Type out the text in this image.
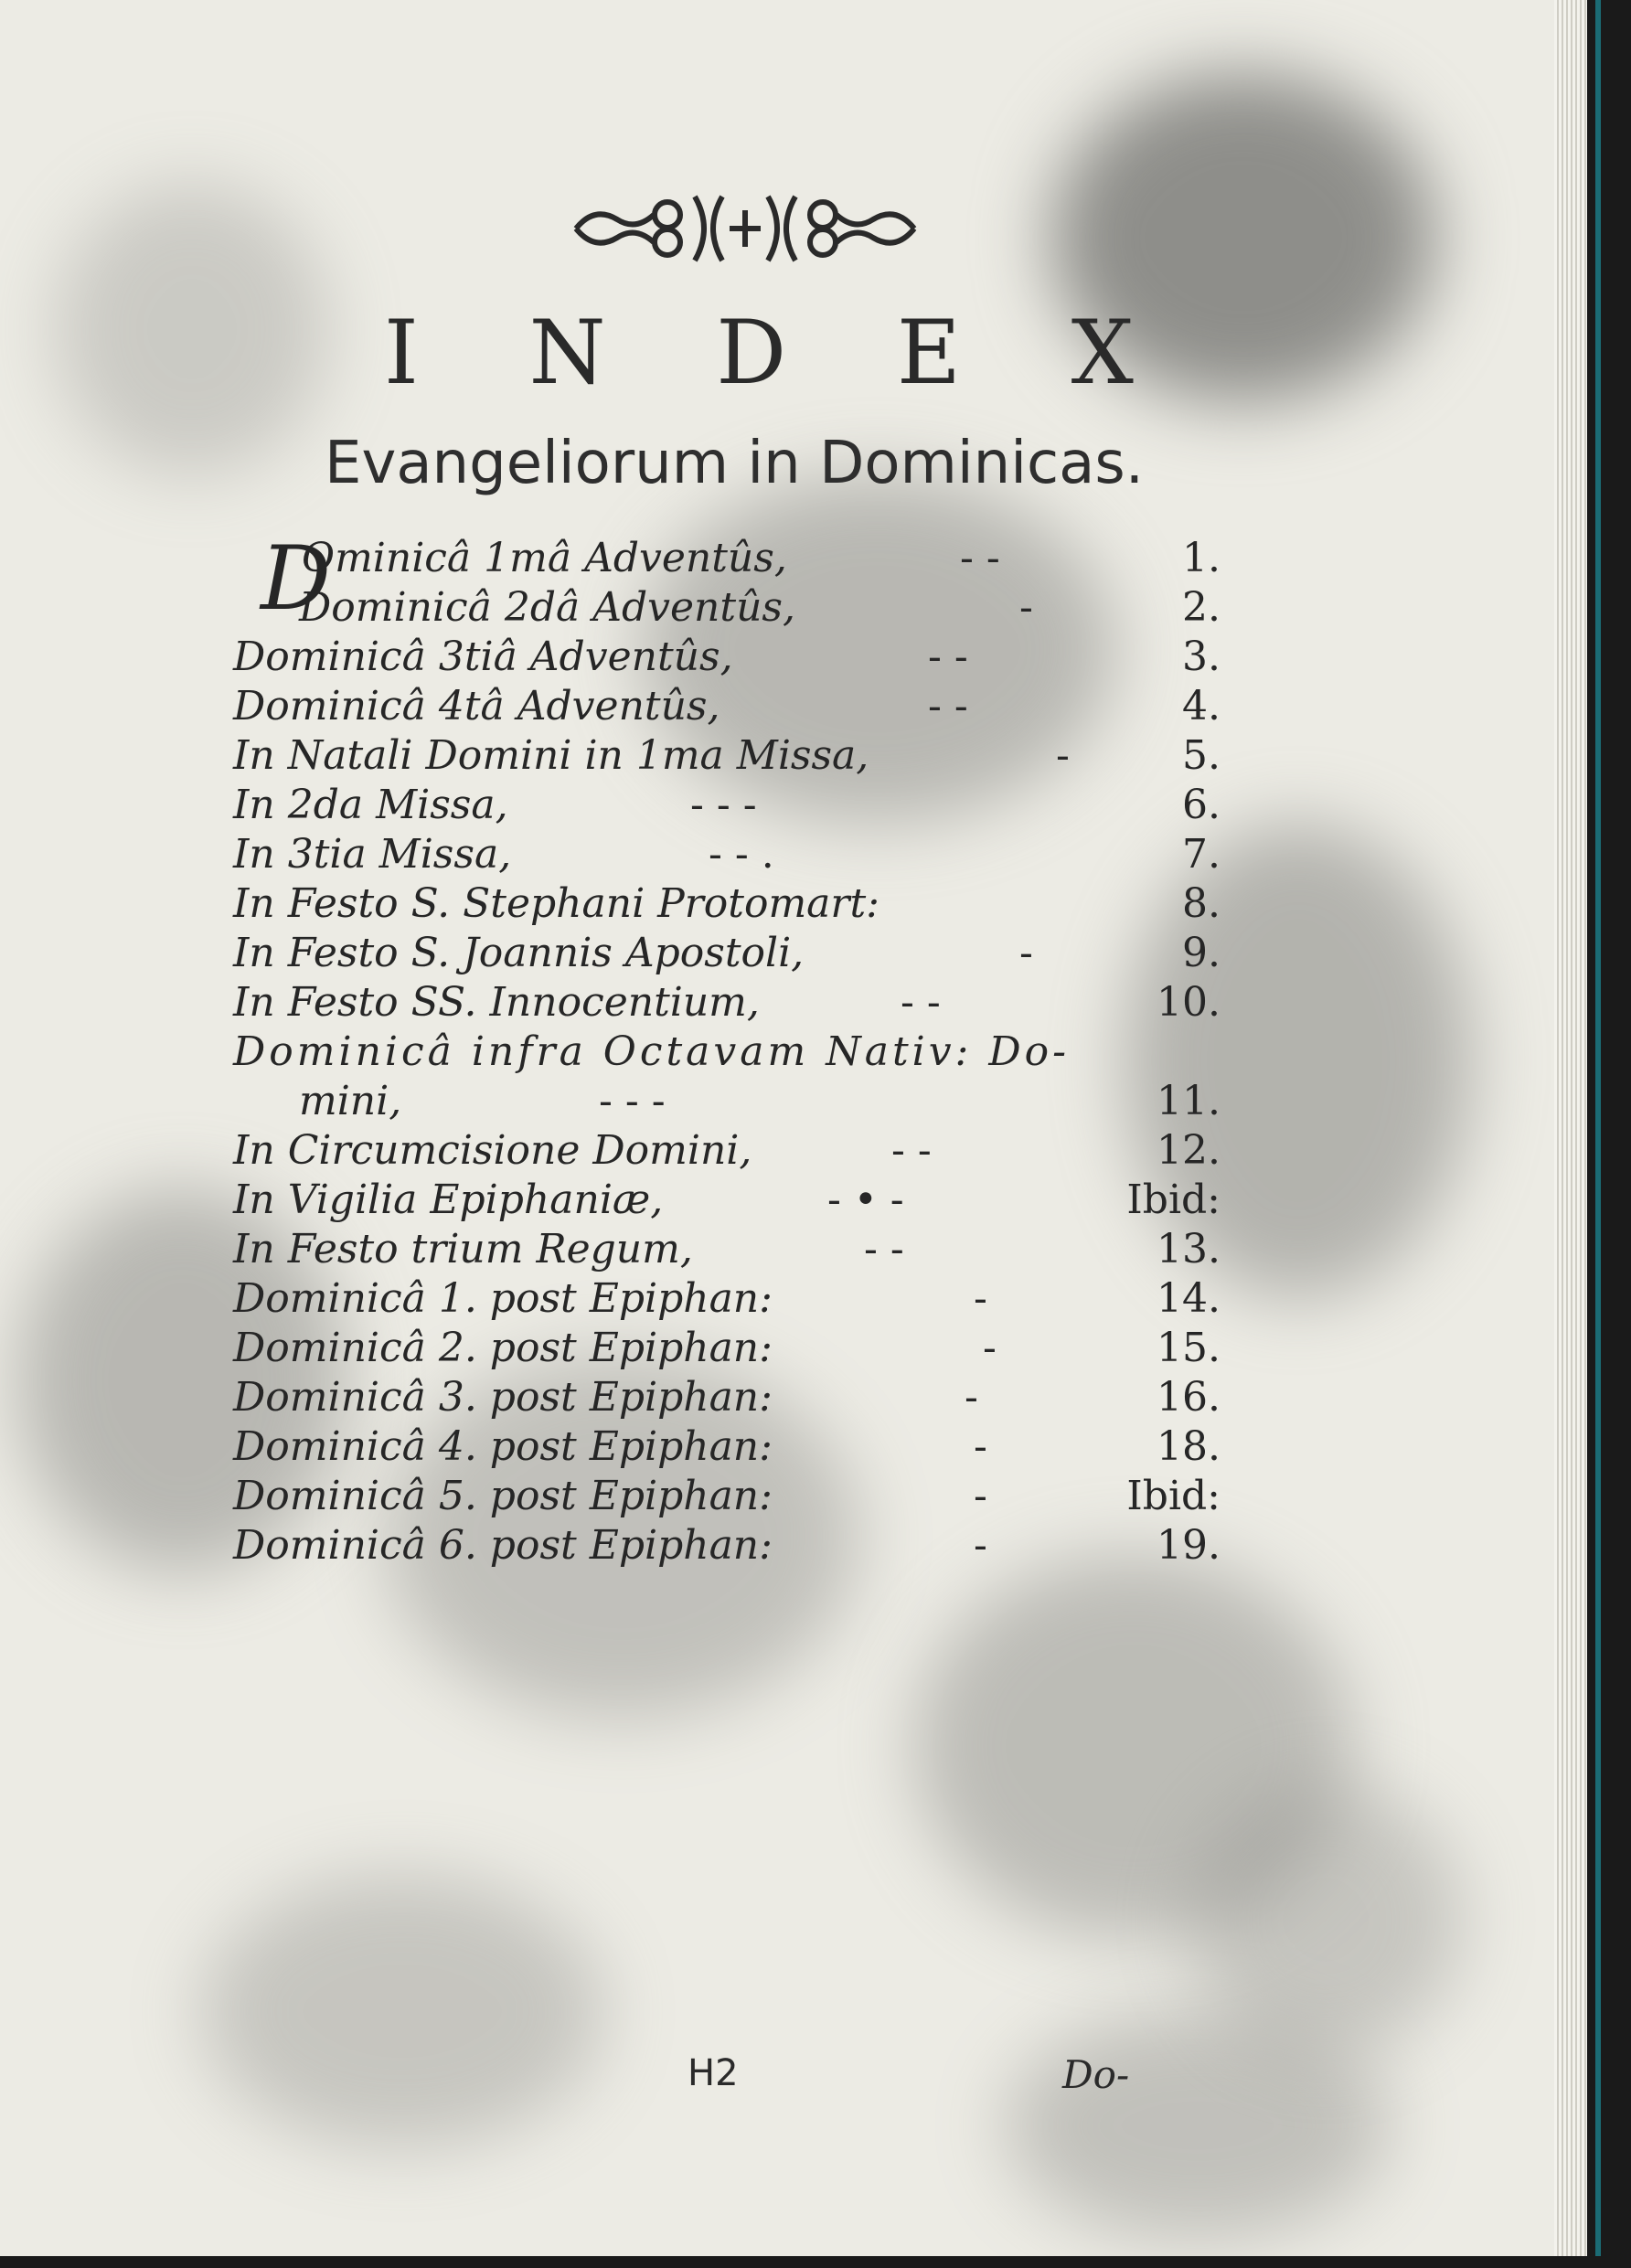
I N D E X
Evangeliorum in Dominicas.
D
Ominicâ 1mâ Adventûs,	- -	1.
Dominicâ 2dâ Adventûs,	-	2.
Dominicâ 3tiâ Adventûs,	- -	3.
Dominicâ 4tâ Adventûs,	- -	4.
In Natali Domini in 1ma Missa,	-	5.
In 2da Missa,	- - -	6.
In 3tia Missa,	- - .	7.
In Festo S. Stephani Protomart:	8.
In Festo S. Joannis Apostoli,	-	9.
In Festo SS. Innocentium,	- -	10.
Dominicâ infra Octavam Nativ: Do-
mini,	- - -	11.
In Circumcisione Domini,	- -	12.
In Vigilia Epiphaniæ,	- • -	Ibid:
In Festo trium Regum,	- -	13.
Dominicâ 1. post Epiphan:	-	14.
Dominicâ 2. post Epiphan:	-	15.
Dominicâ 3. post Epiphan:	-	16.
Dominicâ 4. post Epiphan:	-	18.
Dominicâ 5. post Epiphan:	-	Ibid:
Dominicâ 6. post Epiphan:	-	19.
H2	Do-
